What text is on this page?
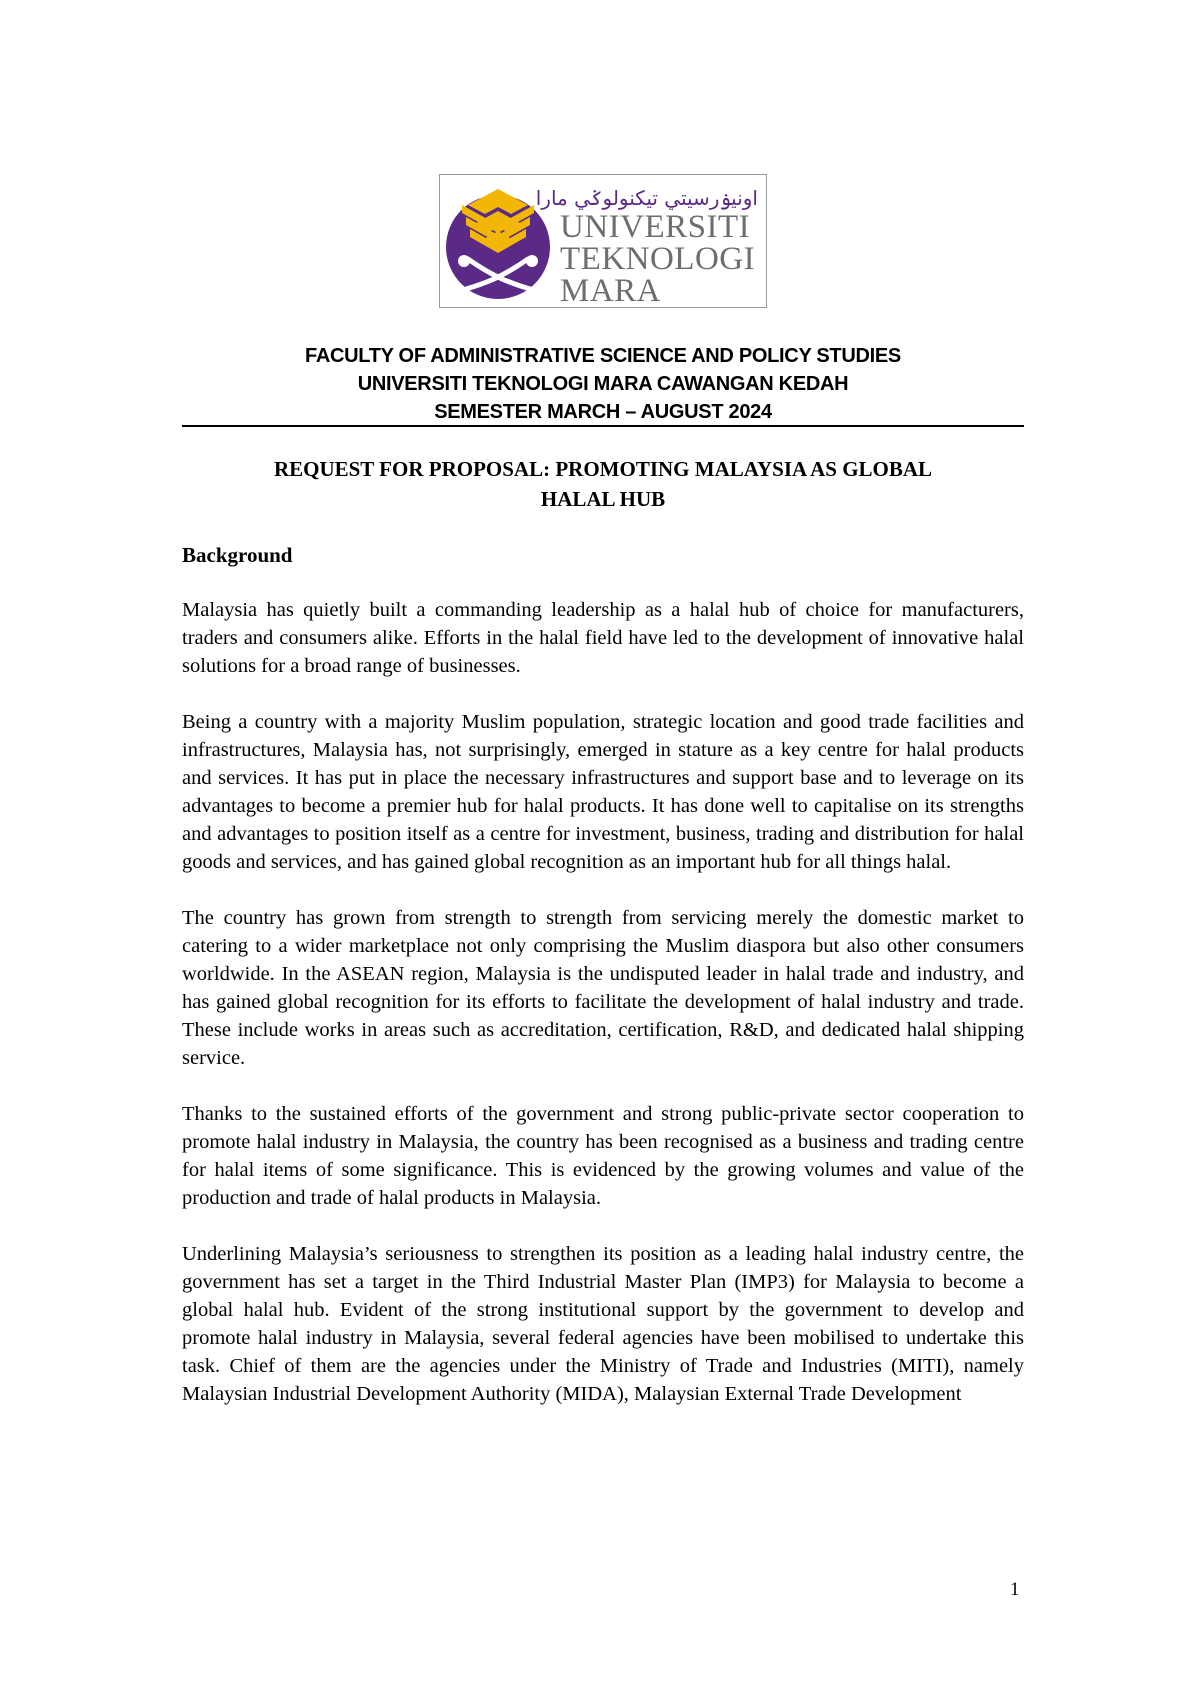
اونيۏرسيتي تيکنولوݢي مارا
UNIVERSITI
TEKNOLOGI
MARA
FACULTY OF ADMINISTRATIVE SCIENCE AND POLICY STUDIES
UNIVERSITI TEKNOLOGI MARA CAWANGAN KEDAH
SEMESTER MARCH – AUGUST 2024
REQUEST FOR PROPOSAL: PROMOTING MALAYSIA AS GLOBAL
HALAL HUB
Background

Malaysia has quietly built a commanding leadership as a halal hub of choice for manufacturers, traders and consumers alike. Efforts in the halal field have led to the development of innovative halal solutions for a broad range of businesses.

Being a country with a majority Muslim population, strategic location and good trade facilities and infrastructures, Malaysia has, not surprisingly, emerged in stature as a key centre for halal products and services. It has put in place the necessary infrastructures and support base and to leverage on its advantages to become a premier hub for halal products. It has done well to capitalise on its strengths and advantages to position itself as a centre for investment, business, trading and distribution for halal goods and services, and has gained global recognition as an important hub for all things halal.

The country has grown from strength to strength from servicing merely the domestic market to catering to a wider marketplace not only comprising the Muslim diaspora but also other consumers worldwide. In the ASEAN region, Malaysia is the undisputed leader in halal trade and industry, and has gained global recognition for its efforts to facilitate the development of halal industry and trade. These include works in areas such as accreditation, certification, R&D, and dedicated halal shipping service.

Thanks to the sustained efforts of the government and strong public-private sector cooperation to promote halal industry in Malaysia, the country has been recognised as a business and trading centre for halal items of some significance. This is evidenced by the growing volumes and value of the production and trade of halal products in Malaysia.

Underlining Malaysia’s seriousness to strengthen its position as a leading halal industry centre, the government has set a target in the Third Industrial Master Plan (IMP3) for Malaysia to become a global halal hub. Evident of the strong institutional support by the government to develop and promote halal industry in Malaysia, several federal agencies have been mobilised to undertake this task. Chief of them are the agencies under the Ministry of Trade and Industries (MITI), namely Malaysian Industrial Development Authority (MIDA), Malaysian External Trade Development

1
